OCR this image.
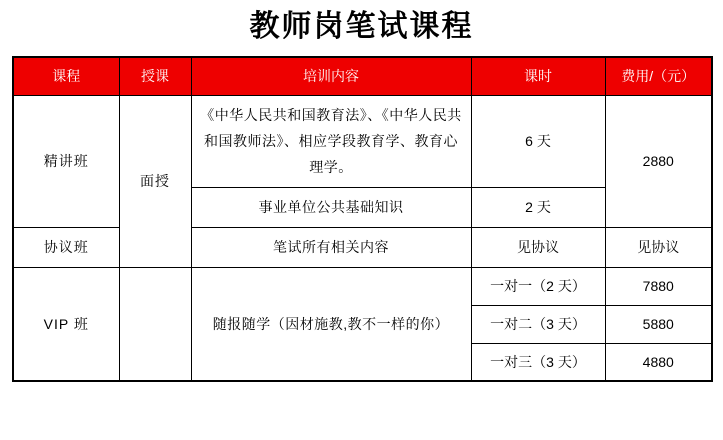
教师岗笔试课程
课程	授课	培训内容	课时	费用/（元）
精讲班	面授	《中华人民共和国教育法》、《中华人民共和国教师法》、相应学段教育学、教育心理学。	6 天	2880
		事业单位公共基础知识	2 天	
协议班		笔试所有相关内容	见协议	见协议
VIP 班		随报随学（因材施教,教不一样的你）	一对一（2 天）	7880
			一对二（3 天）	5880
			一对三（3 天）	4880
